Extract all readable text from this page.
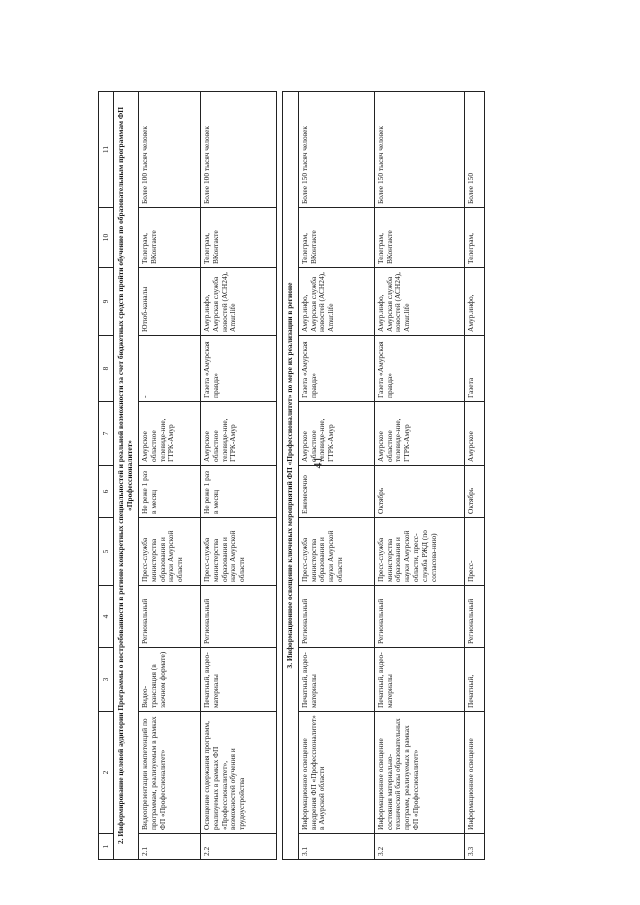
41
1	2	3	4	5	6	7	8	9	10	11
2. Информирование целевой аудитории Программы о востребованности в регионе конкретных специальностей и реальной возможности за счет бюджетных средств пройти обучение по образовательным программам ФП «Профессионалитет»										
2.1	Видеопрезентации компетенций по программам, реализуемым в рамках ФП «Профессионалитет»	Видео-трансляция (в заочном формате)	Региональный	Пресс-служба министерства образования и науки Амурской области	Не реже 1 раз в месяц	Амурское областное телевиде-ние, ГТРК-Амур	-	Ютюб-каналы	Телеграм, ВКонтакте	Более 100 тысяч человек
2.2	Освещение содержания программ, реализуемых в рамках ФП «Профессионалитет», возможностей обучения и трудоустройства	Печатный, видео-материалы	Региональный	Пресс-служба министерства образования и науки Амурской области	Не реже 1 раз в месяц	Амурское областное телевиде-ние, ГТРК-Амур	Газета «Амурская правда»	Амур.инфо, Амурская служба новостей (АСН24), Amur.life	Телеграм, ВКонтакте	Более 100 тысяч человек

3. Информационное освещение ключевых мероприятий ФП «Профессионалитет» по мере их реализации в регионе										
3.1	Информационное освещение внедрения ФП «Профессионалитет» в Амурской области	Печатный, видео-материалы	Региональный	Пресс-служба министерства образования и науки Амурской области	Ежемесячно	Амурское областное телевиде-ние, ГТРК-Амур	Газета «Амурская правда»	Амур.инфо, Амурская служба новостей (АСН24), Amur.life	Телеграм, ВКонтакте	Более 150 тысяч человек
3.2	Информационное освещение состояния материально-технической базы образовательных программ, реализуемых в рамках ФП «Профессионалитет»	Печатный, видео-материалы	Региональный	Пресс-служба министерства образования и науки Амурской области, пресс-служба РЖД (по согласова-нию)	Октябрь	Амурское областное телевиде-ние, ГТРК-Амур	Газета «Амурская правда»	Амур.инфо, Амурская служба новостей (АСН24), Amur.life	Телеграм, ВКонтакте	Более 150 тысяч человек
3.3	Информационное освещение	Печатный,	Региональный	Пресс-	Октябрь	Амурское	Газета	Амур.инфо,	Телеграм,	Более 150
